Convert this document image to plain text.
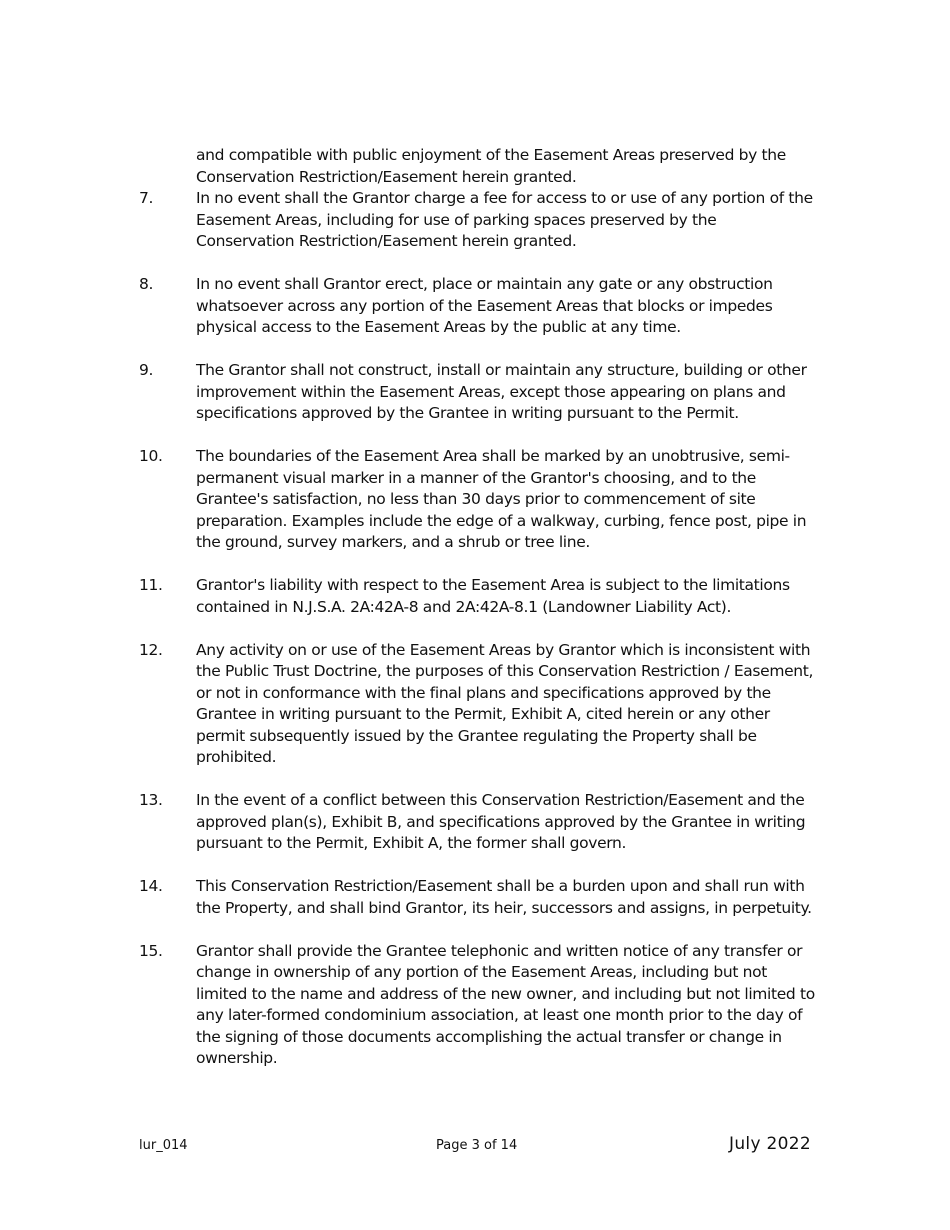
and compatible with public enjoyment of the Easement Areas preserved by the Conservation Restriction/Easement herein granted.
7.	In no event shall the Grantor charge a fee for access to or use of any portion of the Easement Areas, including for use of parking spaces preserved by the Conservation Restriction/Easement herein granted.
8.	In no event shall Grantor erect, place or maintain any gate or any obstruction whatsoever across any portion of the Easement Areas that blocks or impedes physical access to the Easement Areas by the public at any time.
9.	The Grantor shall not construct, install or maintain any structure, building or other improvement within the Easement Areas, except those appearing on plans and specifications approved by the Grantee in writing pursuant to the Permit.
10.	The boundaries of the Easement Area shall be marked by an unobtrusive, semi-permanent visual marker in a manner of the Grantor's choosing, and to the Grantee's satisfaction, no less than 30 days prior to commencement of site preparation. Examples include the edge of a walkway, curbing, fence post, pipe in the ground, survey markers, and a shrub or tree line.
11.	Grantor's liability with respect to the Easement Area is subject to the limitations contained in N.J.S.A. 2A:42A-8 and 2A:42A-8.1 (Landowner Liability Act).
12.	Any activity on or use of the Easement Areas by Grantor which is inconsistent with the Public Trust Doctrine, the purposes of this Conservation Restriction / Easement, or not in conformance with the final plans and specifications approved by the Grantee in writing pursuant to the Permit, Exhibit A, cited herein or any other permit subsequently issued by the Grantee regulating the Property shall be prohibited.
13.	In the event of a conflict between this Conservation Restriction/Easement and the approved plan(s), Exhibit B, and specifications approved by the Grantee in writing pursuant to the Permit, Exhibit A, the former shall govern.
14.	This Conservation Restriction/Easement shall be a burden upon and shall run with the Property, and shall bind Grantor, its heir, successors and assigns, in perpetuity.
15.	Grantor shall provide the Grantee telephonic and written notice of any transfer or change in ownership of any portion of the Easement Areas, including but not limited to the name and address of the new owner, and including but not limited to any later-formed condominium association, at least one month prior to the day of the signing of those documents accomplishing the actual transfer or change in ownership.
lur_014	Page 3 of 14	July 2022
